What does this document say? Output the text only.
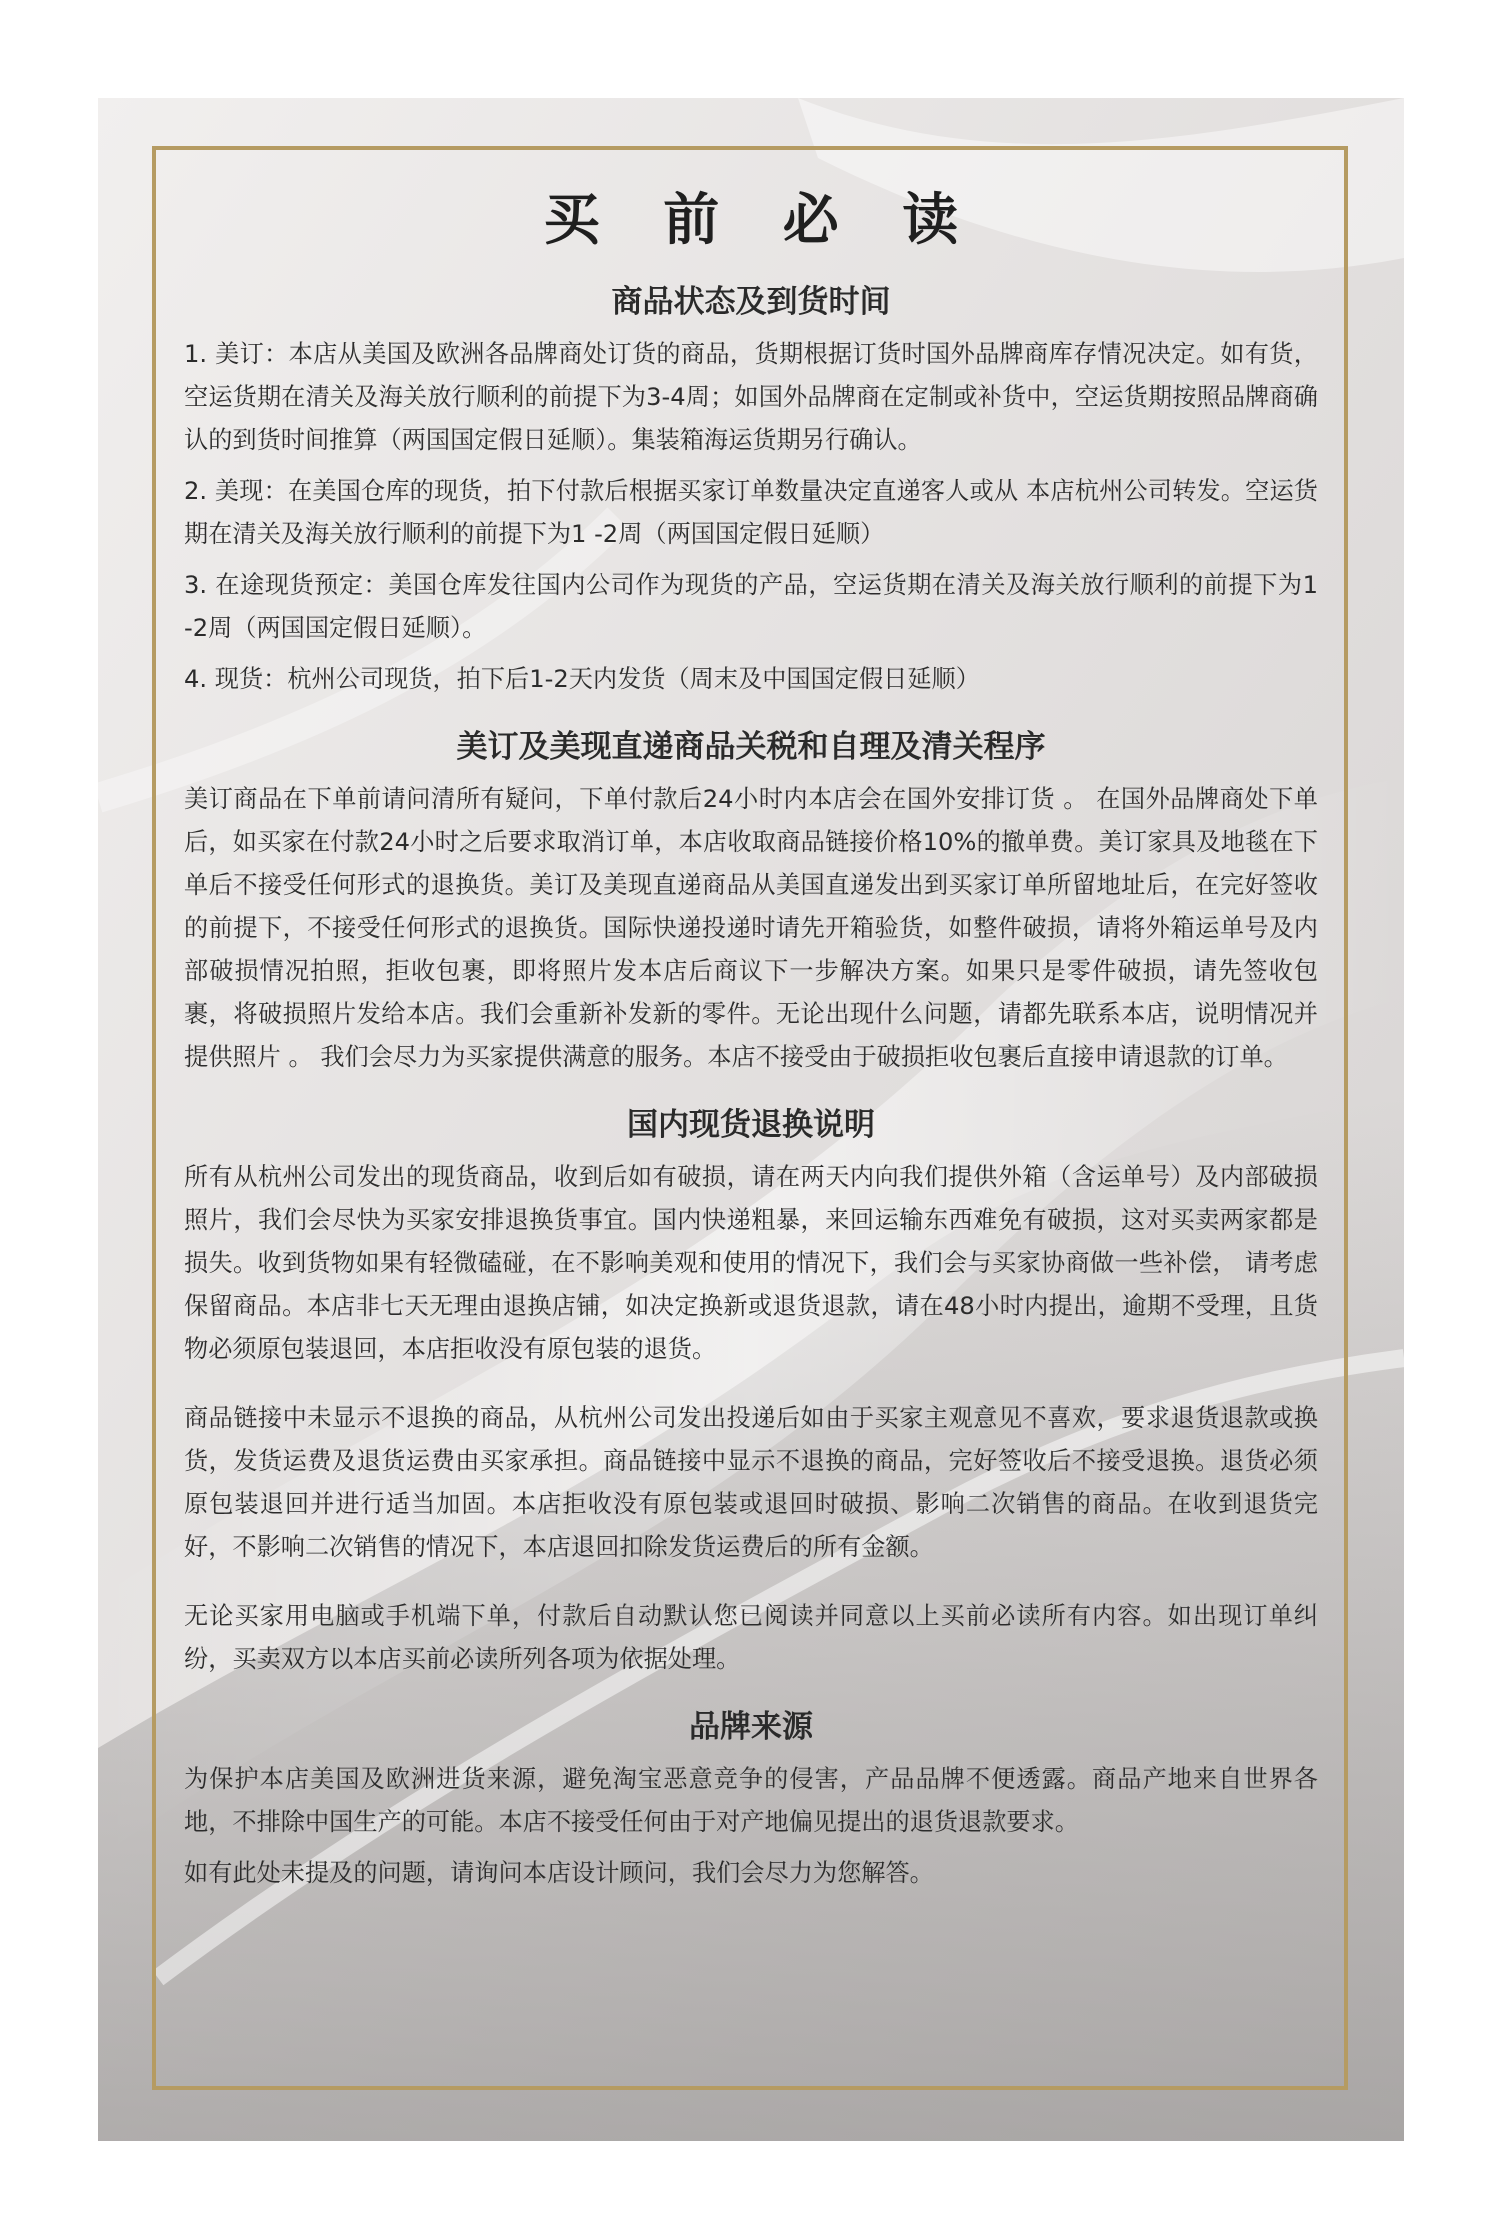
买 前 必 读
商品状态及到货时间

1. 美订：本店从美国及欧洲各品牌商处订货的商品，货期根据订货时国外品牌商库存情况决定。如有货，空运货期在清关及海关放行顺利的前提下为3-4周；如国外品牌商在定制或补货中，空运货期按照品牌商确认的到货时间推算（两国国定假日延顺）。集装箱海运货期另行确认。

2. 美现：在美国仓库的现货，拍下付款后根据买家订单数量决定直递客人或从 本店杭州公司转发。空运货期在清关及海关放行顺利的前提下为1 -2周（两国国定假日延顺）

3. 在途现货预定：美国仓库发往国内公司作为现货的产品，空运货期在清关及海关放行顺利的前提下为1 -2周（两国国定假日延顺）。

4. 现货：杭州公司现货，拍下后1-2天内发货（周末及中国国定假日延顺）

美订及美现直递商品关税和自理及清关程序

美订商品在下单前请问清所有疑问，下单付款后24小时内本店会在国外安排订货 。 在国外品牌商处下单后，如买家在付款24小时之后要求取消订单，本店收取商品链接价格10%的撤单费。美订家具及地毯在下单后不接受任何形式的退换货。美订及美现直递商品从美国直递发出到买家订单所留地址后，在完好签收的前提下，不接受任何形式的退换货。国际快递投递时请先开箱验货，如整件破损，请将外箱运单号及内部破损情况拍照，拒收包裹，即将照片发本店后商议下一步解决方案。如果只是零件破损，请先签收包裹，将破损照片发给本店。我们会重新补发新的零件。无论出现什么问题，请都先联系本店，说明情况并提供照片 。 我们会尽力为买家提供满意的服务。本店不接受由于破损拒收包裹后直接申请退款的订单。

国内现货退换说明

所有从杭州公司发出的现货商品，收到后如有破损，请在两天内向我们提供外箱（含运单号）及内部破损照片，我们会尽快为买家安排退换货事宜。国内快递粗暴，来回运输东西难免有破损，这对买卖两家都是损失。收到货物如果有轻微磕碰，在不影响美观和使用的情况下，我们会与买家协商做一些补偿， 请考虑保留商品。本店非七天无理由退换店铺，如决定换新或退货退款，请在48小时内提出，逾期不受理，且货物必须原包装退回，本店拒收没有原包装的退货。

商品链接中未显示不退换的商品，从杭州公司发出投递后如由于买家主观意见不喜欢，要求退货退款或换货，发货运费及退货运费由买家承担。商品链接中显示不退换的商品，完好签收后不接受退换。退货必须原包装退回并进行适当加固。本店拒收没有原包装或退回时破损、影响二次销售的商品。在收到退货完好，不影响二次销售的情况下，本店退回扣除发货运费后的所有金额。

无论买家用电脑或手机端下单，付款后自动默认您已阅读并同意以上买前必读所有内容。如出现订单纠纷，买卖双方以本店买前必读所列各项为依据处理。

品牌来源

为保护本店美国及欧洲进货来源，避免淘宝恶意竞争的侵害，产品品牌不便透露。商品产地来自世界各地，不排除中国生产的可能。本店不接受任何由于对产地偏见提出的退货退款要求。

如有此处未提及的问题，请询问本店设计顾问，我们会尽力为您解答。
